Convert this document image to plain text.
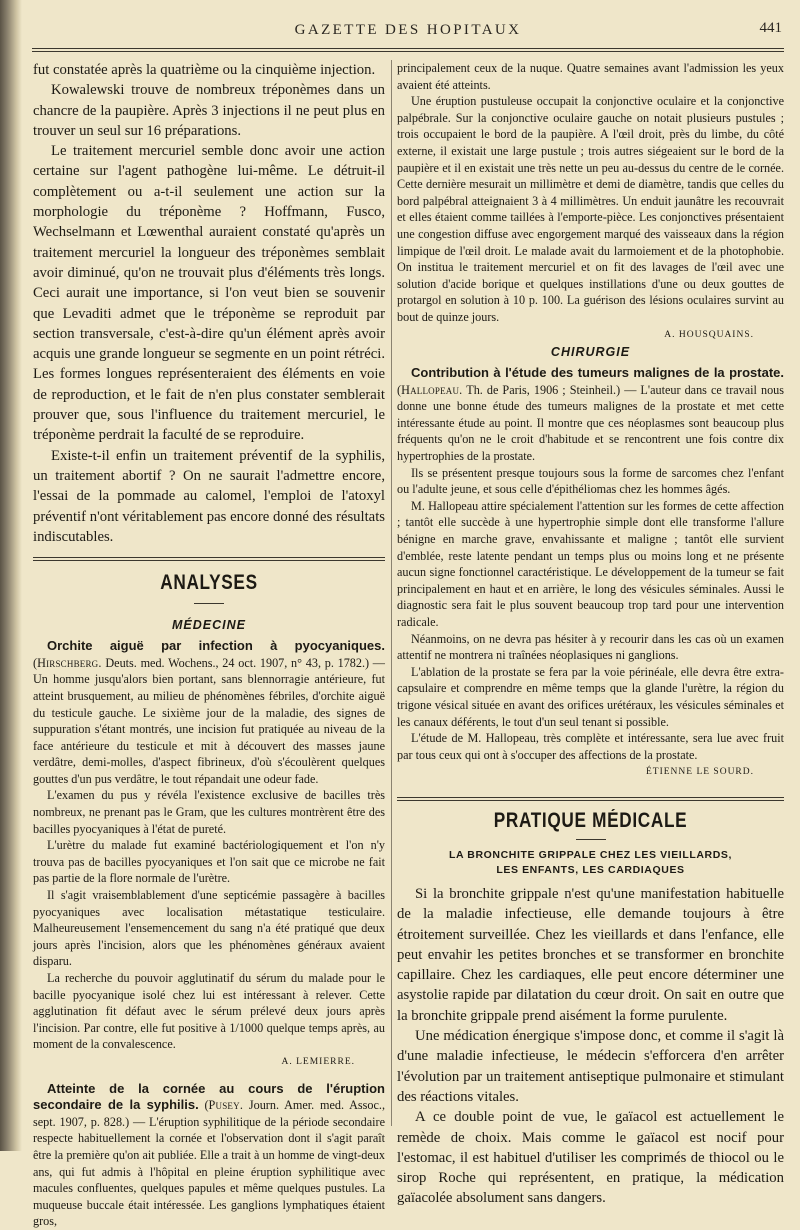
GAZETTE DES HOPITAUX	441

fut constatée après la quatrième ou la cinquième injection.

Kowalewski trouve de nombreux tréponèmes dans un chancre de la paupière. Après 3 injections il ne peut plus en trouver un seul sur 16 préparations.

Le traitement mercuriel semble donc avoir une action certaine sur l'agent pathogène lui-même. Le détruit-il complètement ou a-t-il seulement une action sur la morphologie du tréponème ? Hoffmann, Fusco, Wechselmann et Lœwenthal auraient constaté qu'après un traitement mercuriel la longueur des tréponèmes semblait avoir diminué, qu'on ne trouvait plus d'éléments très longs. Ceci aurait une importance, si l'on veut bien se souvenir que Levaditi admet que le tréponème se reproduit par section transversale, c'est-à-dire qu'un élément après avoir acquis une grande longueur se segmente en un point rétréci. Les formes longues représenteraient des éléments en voie de reproduction, et le fait de n'en plus constater semblerait prouver que, sous l'influence du traitement mercuriel, le tréponème perdrait la faculté de se reproduire.

Existe-t-il enfin un traitement préventif de la syphilis, un traitement abortif ? On ne saurait l'admettre encore, l'essai de la pommade au calomel, l'emploi de l'atoxyl préventif n'ont véritablement pas encore donné des résultats indiscutables.

ANALYSES
MÉDECINE

Orchite aiguë par infection à pyocyaniques. (Hirschberg. Deuts. med. Wochens., 24 oct. 1907, n° 43, p. 1782.) — Un homme jusqu'alors bien portant, sans blennorragie antérieure, fut atteint brusquement, au milieu de phénomènes fébriles, d'orchite aiguë du testicule gauche. Le sixième jour de la maladie, des signes de suppuration s'étant montrés, une incision fut pratiquée au niveau de la face antérieure du testicule et mit à découvert des masses jaune verdâtre, demi-molles, d'aspect fibrineux, d'où s'écoulèrent quelques gouttes d'un pus verdâtre, le tout répandait une odeur fade.

L'examen du pus y révéla l'existence exclusive de bacilles très nombreux, ne prenant pas le Gram, que les cultures montrèrent être des bacilles pyocyaniques à l'état de pureté.

L'urètre du malade fut examiné bactériologiquement et l'on n'y trouva pas de bacilles pyocyaniques et l'on sait que ce microbe ne fait pas partie de la flore normale de l'urètre.

Il s'agit vraisemblablement d'une septicémie passagère à bacilles pyocyaniques avec localisation métastatique testiculaire. Malheureusement l'ensemencement du sang n'a été pratiqué que deux jours après l'incision, alors que les phénomènes généraux avaient disparu.

La recherche du pouvoir agglutinatif du sérum du malade pour le bacille pyocyanique isolé chez lui est intéressant à relever. Cette agglutination fit défaut avec le sérum prélevé deux jours après l'incision. Par contre, elle fut positive à 1/1000 quelque temps après, au moment de la convalescence.

A. LEMIERRE.

Atteinte de la cornée au cours de l'éruption secondaire de la syphilis. (Pusey. Journ. Amer. med. Assoc., sept. 1907, p. 828.) — L'éruption syphilitique de la période secondaire respecte habituellement la cornée et l'observation dont il s'agit paraît être la première qu'on ait publiée. Elle a trait à un homme de vingt-deux ans, qui fut admis à l'hôpital en pleine éruption syphilitique avec macules confluentes, quelques papules et même quelques pustules. La muqueuse buccale était intéressée. Les ganglions lymphatiques étaient gros,

principalement ceux de la nuque. Quatre semaines avant l'admission les yeux avaient été atteints.

Une éruption pustuleuse occupait la conjonctive oculaire et la conjonctive palpébrale. Sur la conjonctive oculaire gauche on notait plusieurs pustules ; trois occupaient le bord de la paupière. A l'œil droit, près du limbe, du côté externe, il existait une large pustule ; trois autres siégeaient sur le bord de la paupière et il en existait une très nette un peu au-dessus du centre de le cornée. Cette dernière mesurait un millimètre et demi de diamètre, tandis que celles du bord palpébral atteignaient 3 à 4 millimètres. Un enduit jaunâtre les recouvrait et elles étaient comme taillées à l'emporte-pièce. Les conjonctives présentaient une congestion diffuse avec engorgement marqué des vaisseaux dans la région limpique de l'œil droit. Le malade avait du larmoiement et de la photophobie. On institua le traitement mercuriel et on fit des lavages de l'œil avec une solution d'acide borique et quelques instillations d'une ou deux gouttes de protargol en solution à 10 p. 100. La guérison des lésions oculaires survint au bout de quinze jours.

A. HOUSQUAINS.

CHIRURGIE

Contribution à l'étude des tumeurs malignes de la prostate. (Hallopeau. Th. de Paris, 1906 ; Steinheil.) — L'auteur dans ce travail nous donne une bonne étude des tumeurs malignes de la prostate et met cette intéressante étude au point. Il montre que ces néoplasmes sont beaucoup plus fréquents qu'on ne le croit d'habitude et se rencontrent une fois contre dix hypertrophies de la prostate.

Ils se présentent presque toujours sous la forme de sarcomes chez l'enfant ou l'adulte jeune, et sous celle d'épithéliomas chez les hommes âgés.

M. Hallopeau attire spécialement l'attention sur les formes de cette affection ; tantôt elle succède à une hypertrophie simple dont elle transforme l'allure bénigne en marche grave, envahissante et maligne ; tantôt elle survient d'emblée, reste latente pendant un temps plus ou moins long et ne présente aucun signe fonctionnel caractéristique. Le développement de la tumeur se fait principalement en haut et en arrière, le long des vésicules séminales. Aussi le diagnostic sera fait le plus souvent beaucoup trop tard pour une intervention radicale.

Néanmoins, on ne devra pas hésiter à y recourir dans les cas où un examen attentif ne montrera ni traînées néoplasiques ni ganglions.

L'ablation de la prostate se fera par la voie périnéale, elle devra être extra-capsulaire et comprendre en même temps que la glande l'urètre, la région du trigone vésical située en avant des orifices urétéraux, les vésicules séminales et les canaux déférents, le tout d'un seul tenant si possible.

L'étude de M. Hallopeau, très complète et intéressante, sera lue avec fruit par tous ceux qui ont à s'occuper des affections de la prostate.

ÉTIENNE LE SOURD.

PRATIQUE MÉDICALE
LA BRONCHITE GRIPPALE CHEZ LES VIEILLARDS,
LES ENFANTS, LES CARDIAQUES

Si la bronchite grippale n'est qu'une manifestation habituelle de la maladie infectieuse, elle demande toujours à être étroitement surveillée. Chez les vieillards et dans l'enfance, elle peut envahir les petites bronches et se transformer en bronchite capillaire. Chez les cardiaques, elle peut encore déterminer une asystolie rapide par dilatation du cœur droit. On sait en outre que la bronchite grippale prend aisément la forme purulente.

Une médication énergique s'impose donc, et comme il s'agit là d'une maladie infectieuse, le médecin s'efforcera d'en arrêter l'évolution par un traitement antiseptique pulmonaire et stimulant des réactions vitales.

A ce double point de vue, le gaïacol est actuellement le remède de choix. Mais comme le gaïacol est nocif pour l'estomac, il est habituel d'utiliser les comprimés de thiocol ou le sirop Roche qui représentent, en pratique, la médication gaïacolée absolument sans dangers.
